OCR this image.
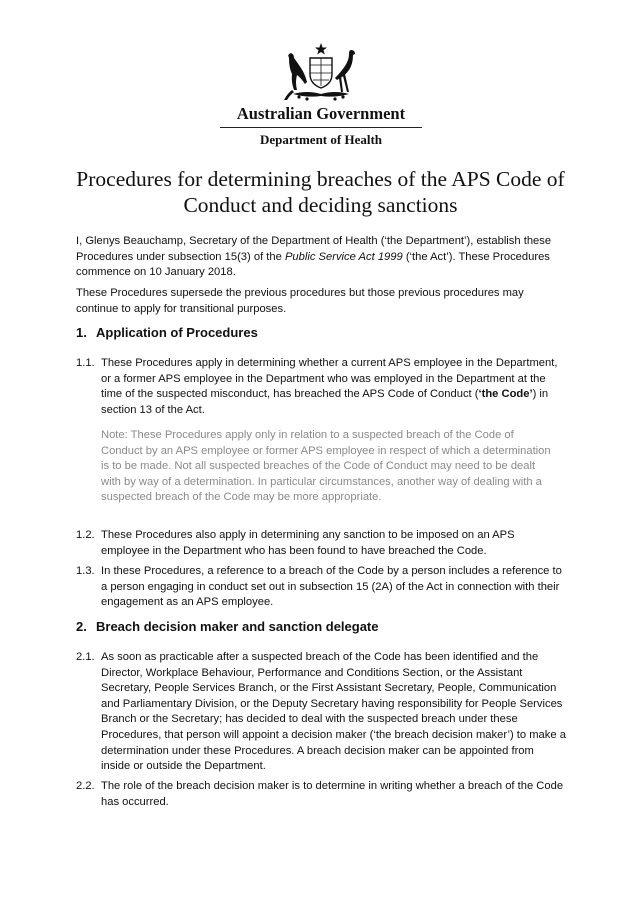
Australian Government
Department of Health
Procedures for determining breaches of the APS Code of Conduct and deciding sanctions
I, Glenys Beauchamp, Secretary of the Department of Health (‘the Department’), establish these Procedures under subsection 15(3) of the Public Service Act 1999 (‘the Act’). These Procedures commence on 10 January 2018.
These Procedures supersede the previous procedures but those previous procedures may continue to apply for transitional purposes.
1. Application of Procedures
1.1. These Procedures apply in determining whether a current APS employee in the Department, or a former APS employee in the Department who was employed in the Department at the time of the suspected misconduct, has breached the APS Code of Conduct (‘the Code’) in section 13 of the Act.
Note: These Procedures apply only in relation to a suspected breach of the Code of Conduct by an APS employee or former APS employee in respect of which a determination is to be made. Not all suspected breaches of the Code of Conduct may need to be dealt with by way of a determination. In particular circumstances, another way of dealing with a suspected breach of the Code may be more appropriate.
1.2. These Procedures also apply in determining any sanction to be imposed on an APS employee in the Department who has been found to have breached the Code.
1.3. In these Procedures, a reference to a breach of the Code by a person includes a reference to a person engaging in conduct set out in subsection 15 (2A) of the Act in connection with their engagement as an APS employee.
2. Breach decision maker and sanction delegate
2.1. As soon as practicable after a suspected breach of the Code has been identified and the Director, Workplace Behaviour, Performance and Conditions Section, or the Assistant Secretary, People Services Branch, or the First Assistant Secretary, People, Communication and Parliamentary Division, or the Deputy Secretary having responsibility for People Services Branch or the Secretary; has decided to deal with the suspected breach under these Procedures, that person will appoint a decision maker (‘the breach decision maker’) to make a determination under these Procedures. A breach decision maker can be appointed from inside or outside the Department.
2.2. The role of the breach decision maker is to determine in writing whether a breach of the Code has occurred.
